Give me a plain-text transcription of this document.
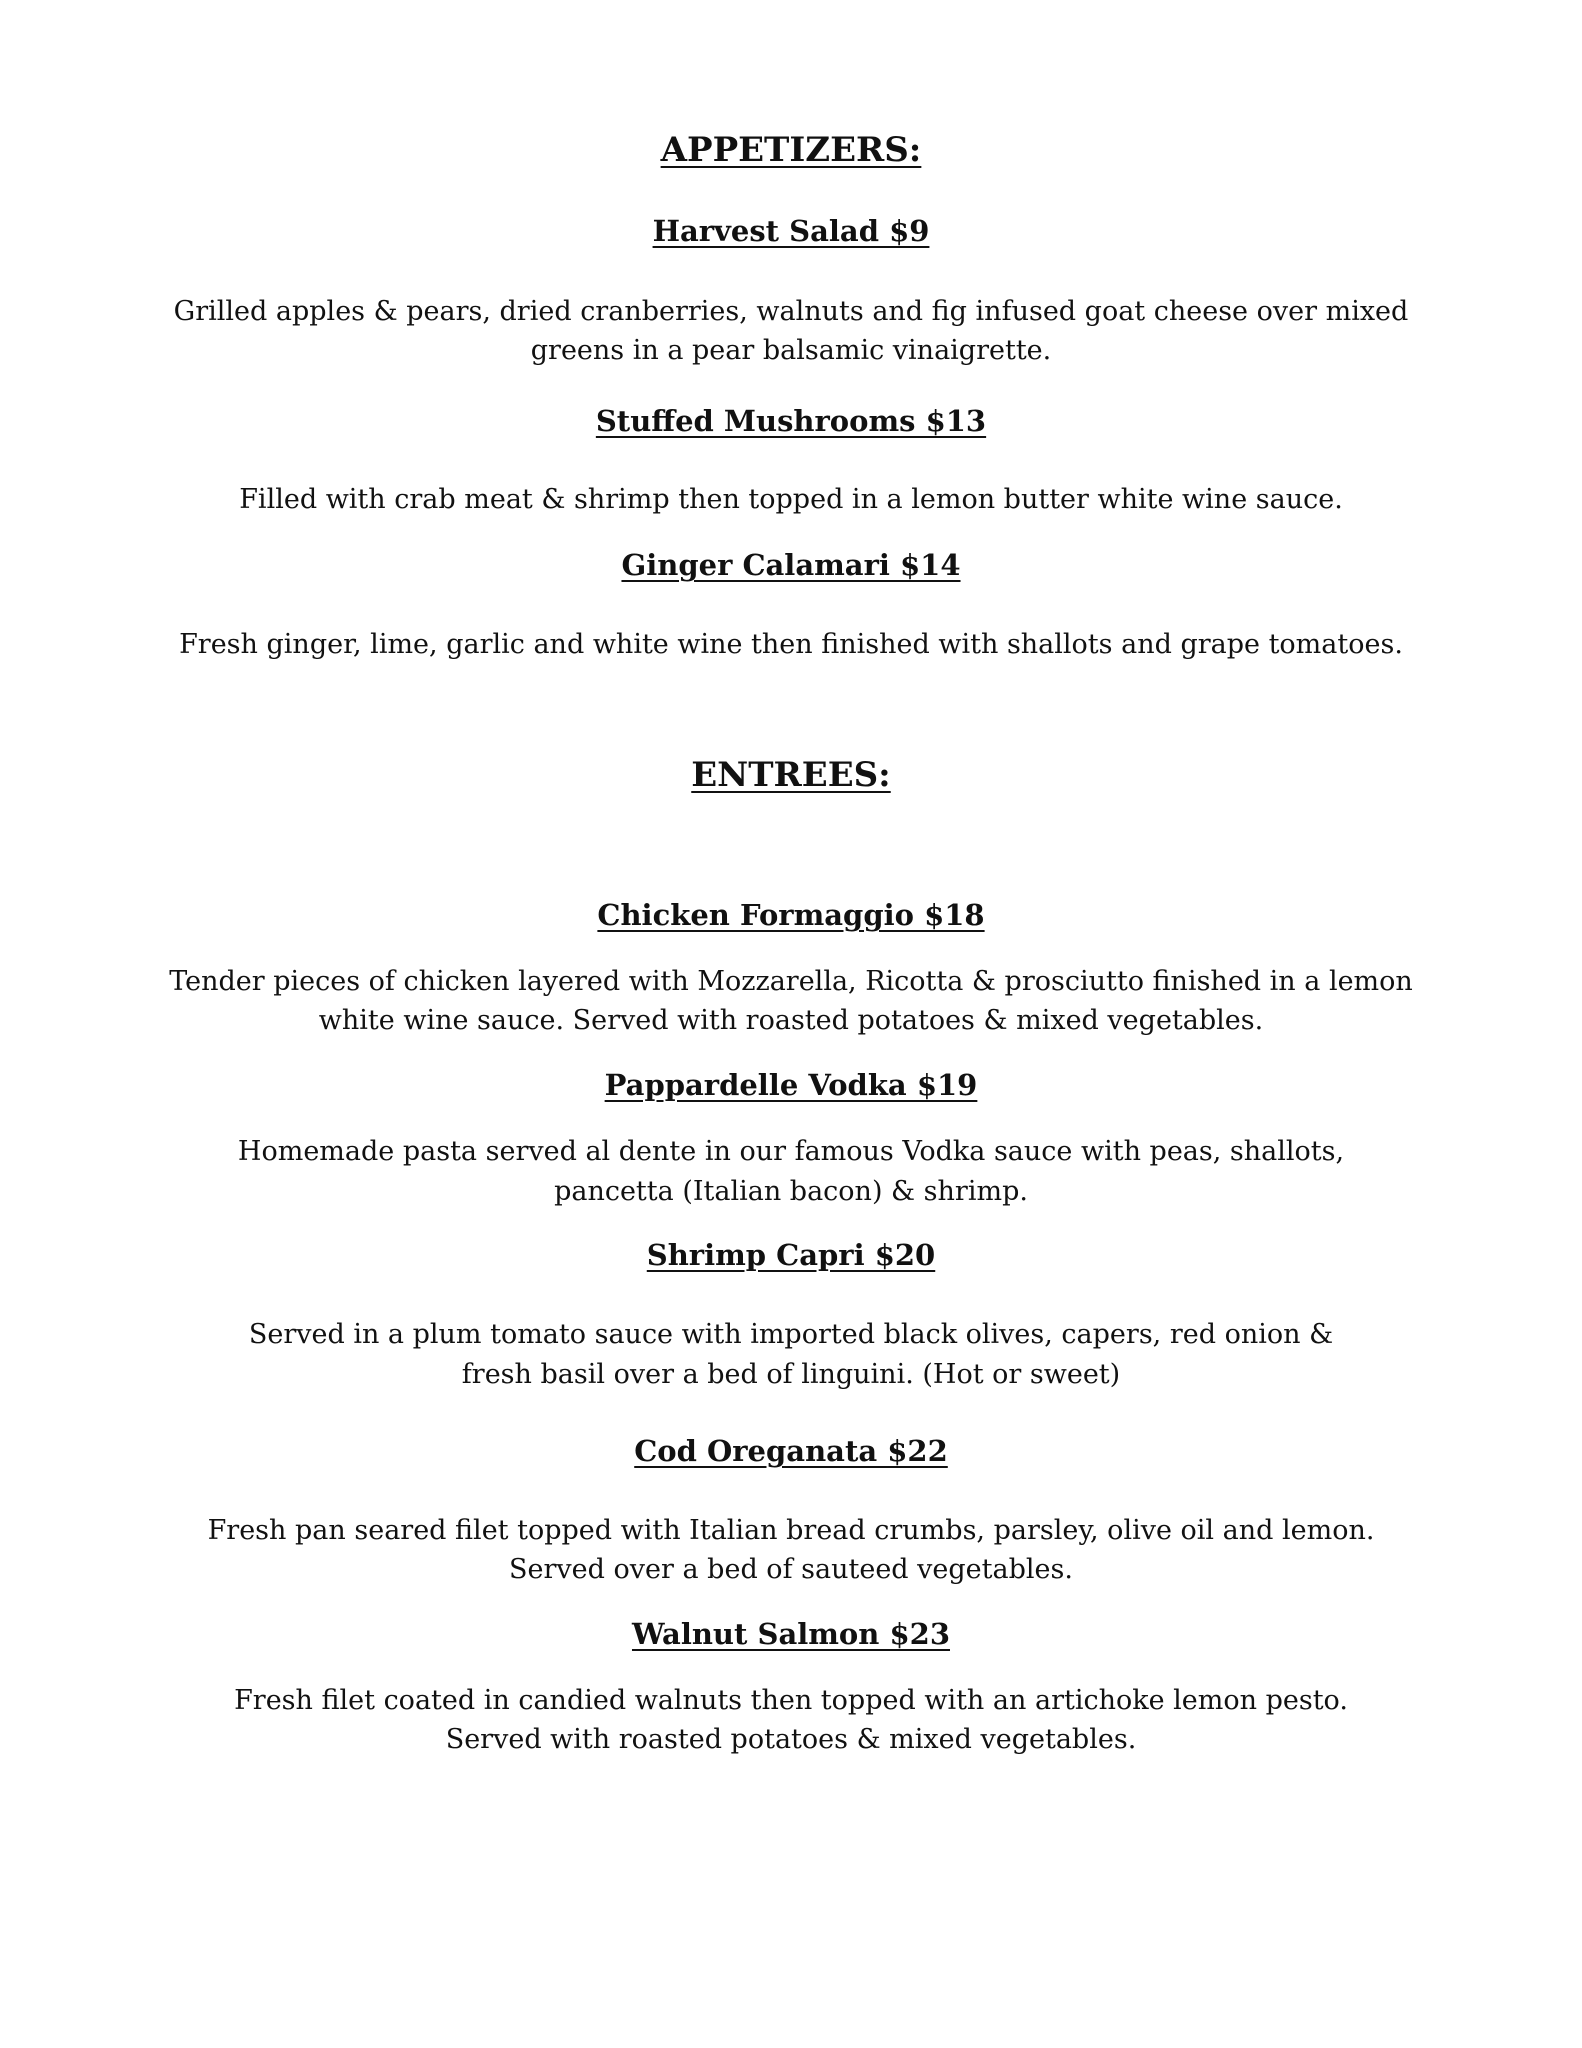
APPETIZERS:
Harvest Salad $9

Grilled apples & pears, dried cranberries, walnuts and fig infused goat cheese over mixed

greens in a pear balsamic vinaigrette.

Stuffed Mushrooms $13

Filled with crab meat & shrimp then topped in a lemon butter white wine sauce.

Ginger Calamari $14

Fresh ginger, lime, garlic and white wine then finished with shallots and grape tomatoes.

ENTREES:
Chicken Formaggio $18

Tender pieces of chicken layered with Mozzarella, Ricotta & prosciutto finished in a lemon

white wine sauce. Served with roasted potatoes & mixed vegetables.

Pappardelle Vodka $19

Homemade pasta served al dente in our famous Vodka sauce with peas, shallots,

pancetta (Italian bacon) & shrimp.

Shrimp Capri $20

Served in a plum tomato sauce with imported black olives, capers, red onion &

fresh basil over a bed of linguini. (Hot or sweet)

Cod Oreganata $22

Fresh pan seared filet topped with Italian bread crumbs, parsley, olive oil and lemon.

Served over a bed of sauteed vegetables.

Walnut Salmon $23

Fresh filet coated in candied walnuts then topped with an artichoke lemon pesto.

Served with roasted potatoes & mixed vegetables.
